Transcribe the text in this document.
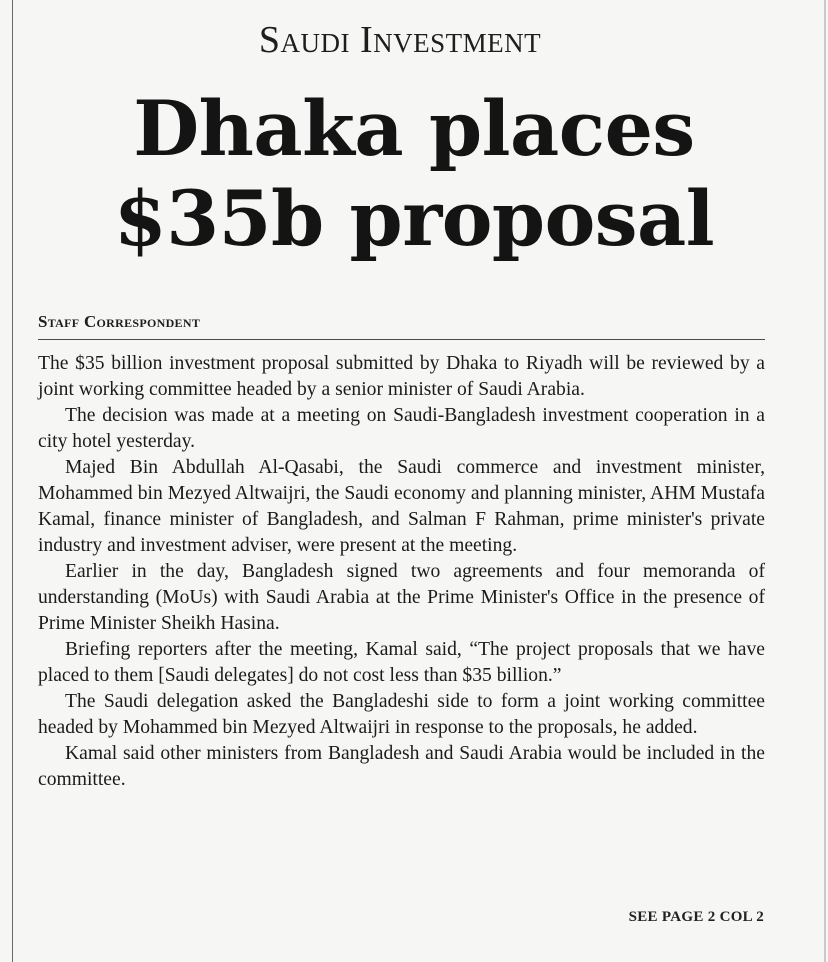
Saudi Investment
Dhaka places
$35b proposal
Staff Correspondent

The $35 billion investment proposal submitted by Dhaka to Riyadh will be reviewed by a joint working committee headed by a senior minister of Saudi Arabia.

The decision was made at a meeting on Saudi-Bangladesh investment cooperation in a city hotel yesterday.

Majed Bin Abdullah Al-Qasabi, the Saudi commerce and investment minister, Mohammed bin Mezyed Altwaijri, the Saudi economy and planning minister, AHM Mustafa Kamal, finance minister of Bangladesh, and Salman F Rahman, prime minister's private industry and investment adviser, were present at the meeting.

Earlier in the day, Bangladesh signed two agreements and four memoranda of understanding (MoUs) with Saudi Arabia at the Prime Minister's Office in the presence of Prime Minister Sheikh Hasina.

Briefing reporters after the meeting, Kamal said, “The project proposals that we have placed to them [Saudi delegates] do not cost less than $35 billion.”

The Saudi delegation asked the Bangladeshi side to form a joint working committee headed by Mohammed bin Mezyed Altwaijri in response to the proposals, he added.

Kamal said other ministers from Bangladesh and Saudi Arabia would be included in the committee.

SEE PAGE 2 COL 2
